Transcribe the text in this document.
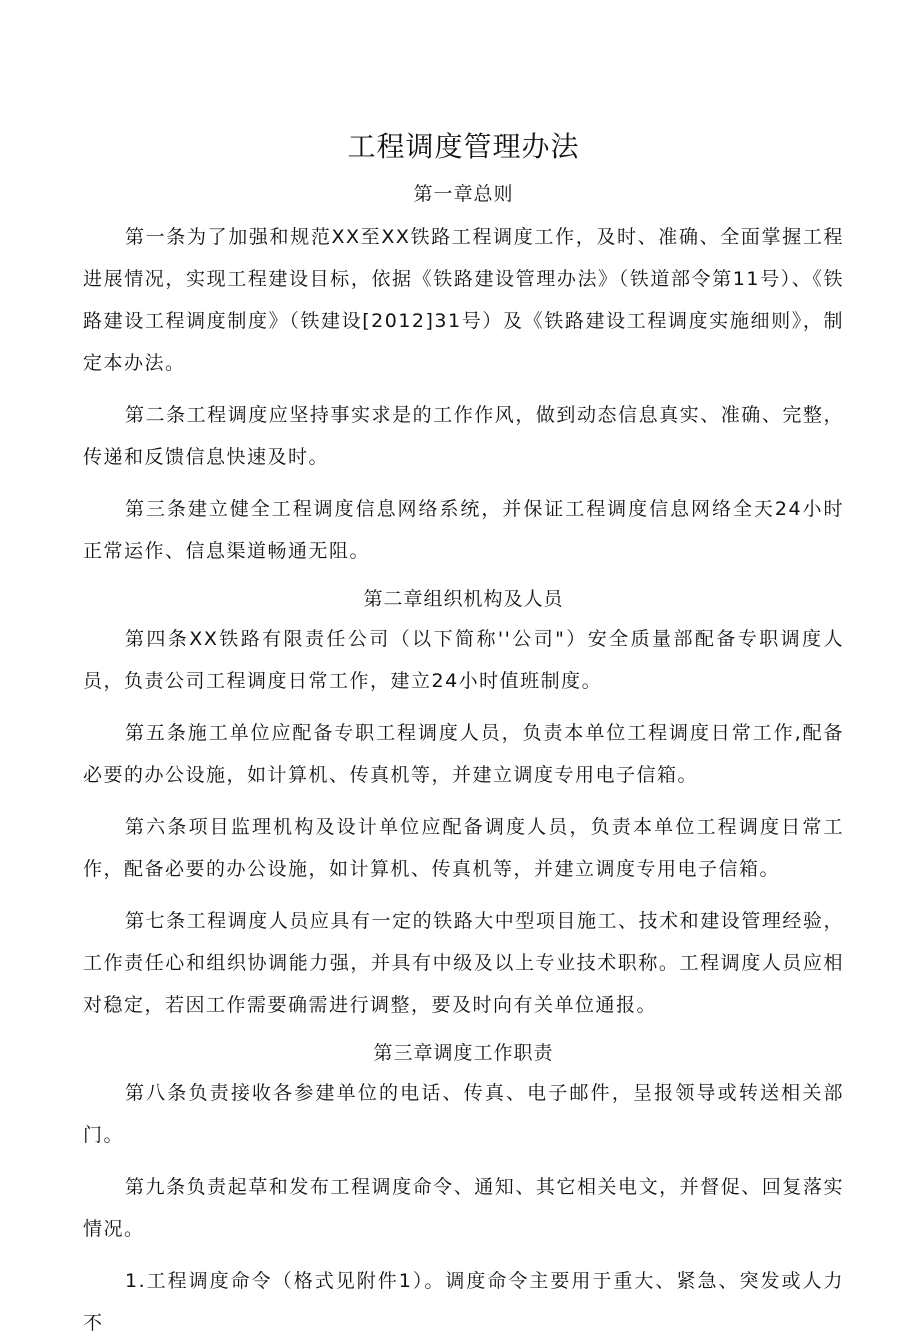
工程调度管理办法
第一章总则

第一条为了加强和规范XX至XX铁路工程调度工作，及时、准确、全面掌握工程进展情况，实现工程建设目标，依据《铁路建设管理办法》（铁道部令第11号）、《铁路建设工程调度制度》（铁建设[2012]31号）及《铁路建设工程调度实施细则》，制定本办法。

第二条工程调度应坚持事实求是的工作作风，做到动态信息真实、准确、完整，传递和反馈信息快速及时。

第三条建立健全工程调度信息网络系统，并保证工程调度信息网络全天24小时正常运作、信息渠道畅通无阻。

第二章组织机构及人员

第四条XX铁路有限责任公司（以下简称''公司"）安全质量部配备专职调度人员，负责公司工程调度日常工作，建立24小时值班制度。

第五条施工单位应配备专职工程调度人员，负责本单位工程调度日常工作,配备必要的办公设施，如计算机、传真机等，并建立调度专用电子信箱。

第六条项目监理机构及设计单位应配备调度人员，负责本单位工程调度日常工作，配备必要的办公设施，如计算机、传真机等，并建立调度专用电子信箱。

第七条工程调度人员应具有一定的铁路大中型项目施工、技术和建设管理经验，工作责任心和组织协调能力强，并具有中级及以上专业技术职称。工程调度人员应相对稳定，若因工作需要确需进行调整，要及时向有关单位通报。

第三章调度工作职责

第八条负责接收各参建单位的电话、传真、电子邮件，呈报领导或转送相关部门。

第九条负责起草和发布工程调度命令、通知、其它相关电文，并督促、回复落实情况。

1.工程调度命令（格式见附件1）。调度命令主要用于重大、紧急、突发或人力不
